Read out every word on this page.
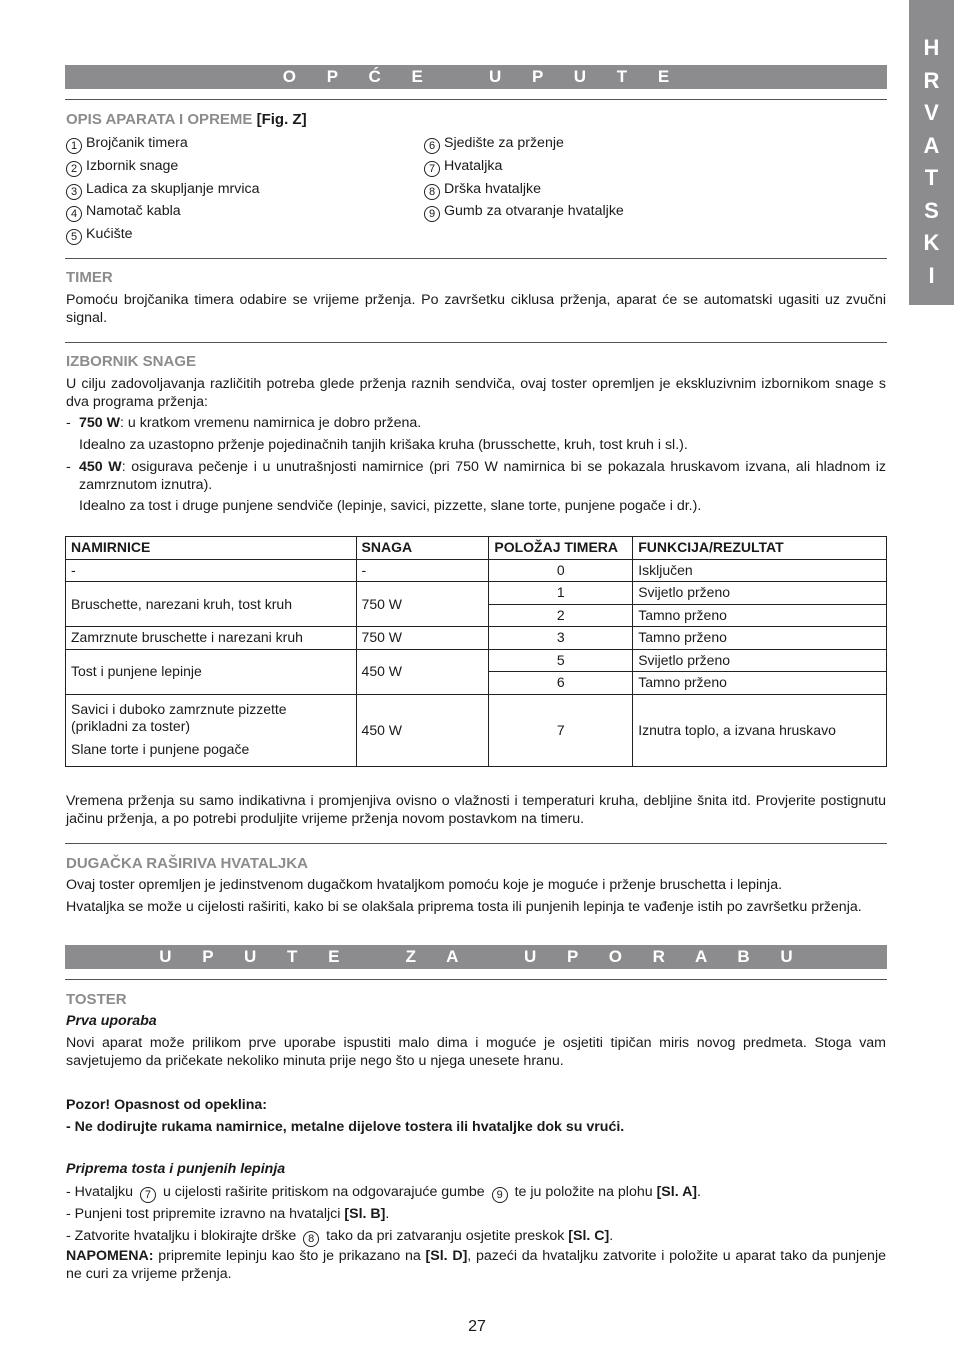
H
R
V
A
T
S
K
I
O P Ć E   U P U T E
OPIS APARATA I OPREME [Fig. Z]
1 Brojčanik timera
2 Izbornik snage
3 Ladica za skupljanje mrvica
4 Namotač kabla
5 Kućište
6 Sjedište za prženje
7 Hvataljka
8 Drška hvataljke
9 Gumb za otvaranje hvataljke
TIMER
Pomoću brojčanika timera odabire se vrijeme prženja. Po završetku ciklusa prženja, aparat će se automatski ugasiti uz zvučni signal.
IZBORNIK SNAGE
U cilju zadovoljavanja različitih potreba glede prženja raznih sendviča, ovaj toster opremljen je ekskluzivnim izbornikom snage s dva programa prženja:
- 750 W: u kratkom vremenu namirnica je dobro pržena.
Idealno za uzastopno prženje pojedinačnih tanjih krišaka kruha (brusschette, kruh, tost kruh i sl.).
- 450 W: osigurava pečenje i u unutrašnjosti namirnice (pri 750 W namirnica bi se pokazala hruskavom izvana, ali hladnom iz zamrznutom iznutra).
Idealno za tost i druge punjene sendviče (lepinje, savici, pizzette, slane torte, punjene pogače i dr.).
NAMIRNICE	SNAGA	POLOŽAJ TIMERA	FUNKCIJA/REZULTAT
-	-	0	Isključen
Bruschette, narezani kruh, tost kruh	750 W	1	Svijetlo prženo
		2	Tamno prženo
Zamrznute bruschette i narezani kruh	750 W	3	Tamno prženo
Tost i punjene lepinje	450 W	5	Svijetlo prženo
		6	Tamno prženo

Savici i duboko zamrznute pizzette
(prikladni za toster)
Slane torte i punjene pogače	450 W	7	Iznutra toplo, a izvana hruskavo
Vremena prženja su samo indikativna i promjenjiva ovisno o vlažnosti i temperaturi kruha, debljine šnita itd. Provjerite postignutu jačinu prženja, a po potrebi produljite vrijeme prženja novom postavkom na timeru.
DUGAČKA RAŠIRIVA HVATALJKA
Ovaj toster opremljen je jedinstvenom dugačkom hvataljkom pomoću koje je moguće i prženje bruschetta i lepinja.
Hvataljka se može u cijelosti raširiti, kako bi se olakšala priprema tosta ili punjenih lepinja te vađenje istih po završetku prženja.
U P U T E   Z A   U P O R A B U
TOSTER
Prva uporaba
Novi aparat može prilikom prve uporabe ispustiti malo dima i moguće je osjetiti tipičan miris novog predmeta. Stoga vam savjetujemo da pričekate nekoliko minuta prije nego što u njega unesete hranu.
Pozor! Opasnost od opeklina:
- Ne dodirujte rukama namirnice, metalne dijelove tostera ili hvataljke dok su vrući.
Priprema tosta i punjenih lepinja
- Hvataljku 7 u cijelosti raširite pritiskom na odgovarajuće gumbe 9 te ju položite na plohu [Sl. A].
- Punjeni tost pripremite izravno na hvataljci [Sl. B].
- Zatvorite hvataljku i blokirajte drške 8 tako da pri zatvaranju osjetite preskok [Sl. C].
NAPOMENA: pripremite lepinju kao što je prikazano na [Sl. D], pazeći da hvataljku zatvorite i položite u aparat tako da punjenje ne curi za vrijeme prženja.
27
